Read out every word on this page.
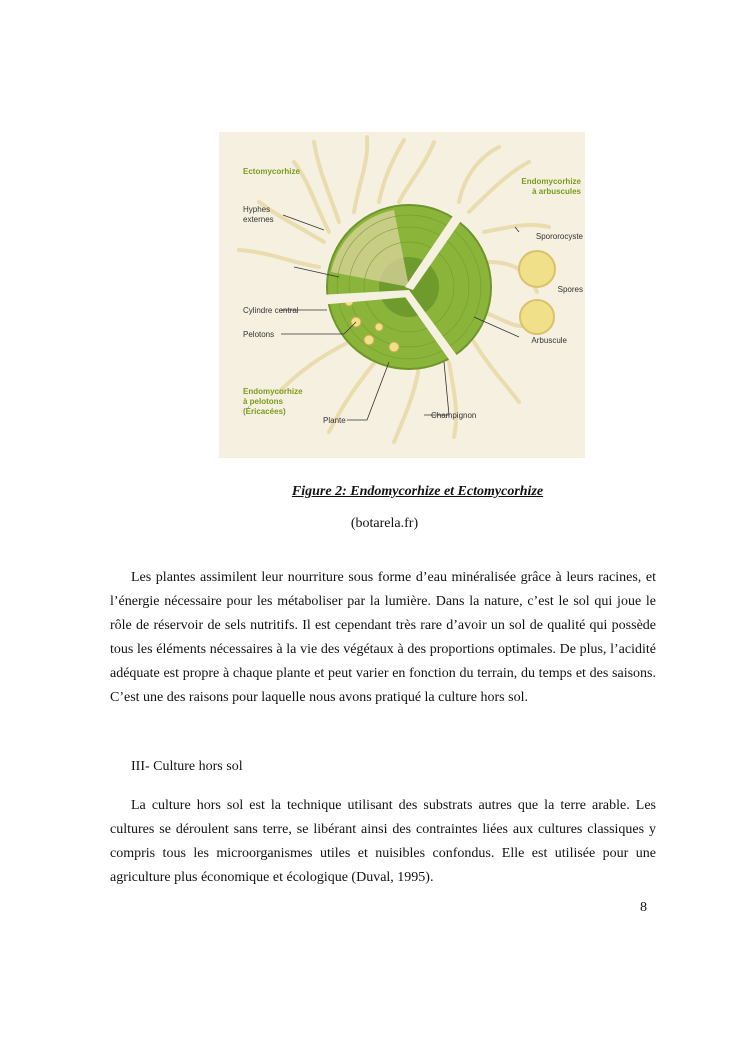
Ectomycorhize
Hyphes
externes
Cylindre central
Pelotons
Endomycorhize
à pelotons
(Éricacées)
Plante
Champignon
Endomycorhize
à arbuscules
Spororocyste
Spores
Arbuscule
Figure 2: Endomycorhize et Ectomycorhize
(botarela.fr)
Les plantes assimilent leur nourriture sous forme d’eau minéralisée grâce à leurs racines, et l’énergie nécessaire pour les métaboliser par la lumière. Dans la nature, c’est le sol qui joue le rôle de réservoir de sels nutritifs. Il est cependant très rare d’avoir un sol de qualité qui possède tous les éléments nécessaires à la vie des végétaux à des proportions optimales. De plus, l’acidité adéquate est propre à chaque plante et peut varier en fonction du terrain, du temps et des saisons. C’est une des raisons pour laquelle nous avons pratiqué la culture hors sol.
III- Culture hors sol
La culture hors sol est la technique utilisant des substrats autres que la terre arable. Les cultures se déroulent sans terre, se libérant ainsi des contraintes liées aux cultures classiques y compris tous les microorganismes utiles et nuisibles confondus. Elle est utilisée pour une agriculture plus économique et écologique (Duval, 1995).
8
